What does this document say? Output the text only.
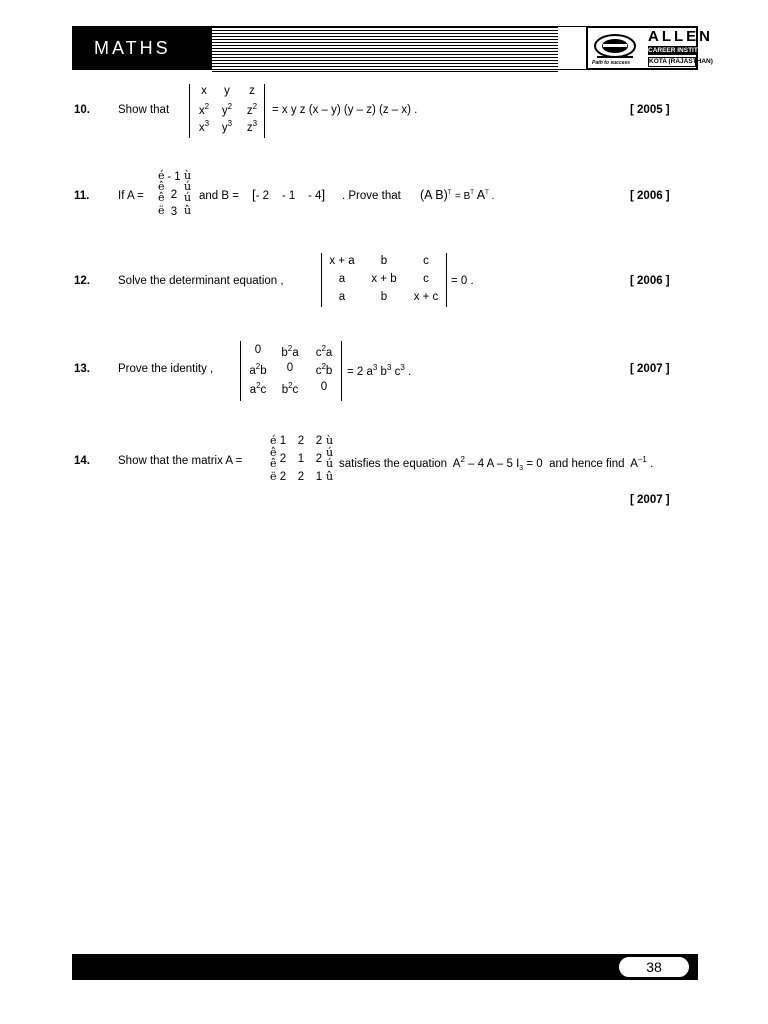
MATHS
Path to success
ALLEN
CAREER INSTITUTE
KOTA (RAJASTHAN)
10. Show that
x	y	z
$x^2$	$y^2$	$z^2$
$x^3$	$y^3$	$z^3$
= x y z (x – y) (y – z) (z – x) .	[ 2005 ]
11. If A =
é
ê
ê
ë
- 1
2
3
ù
ú
ú
û
and B = [- 2    - 1    - 4] . Prove that (A $B)^T = B^T$ $A^T$ .	[ 2006 ]
12. Solve the determinant equation ,
x + a	b	c
a	x + b	c
a	b	x + c
= 0 .	[ 2006 ]
13. Prove the identity ,
0	$b^2a$	$c^2a$
$a^2b$	0	$c^2b$
$a^2c$	$b^2c$	0
= 2 $a^3$ $b^3$ $c^3$ .	[ 2007 ]
14. Show that the matrix A =
é
ê
ê
ë
1	2	2
2	1	2
2	2	1
ù
ú
ú
û
satisfies the equation  $A^2 - 4$ A – 5 $I_3 = 0$  and hence find  $A^{-1}$ .
[ 2007 ]
38
